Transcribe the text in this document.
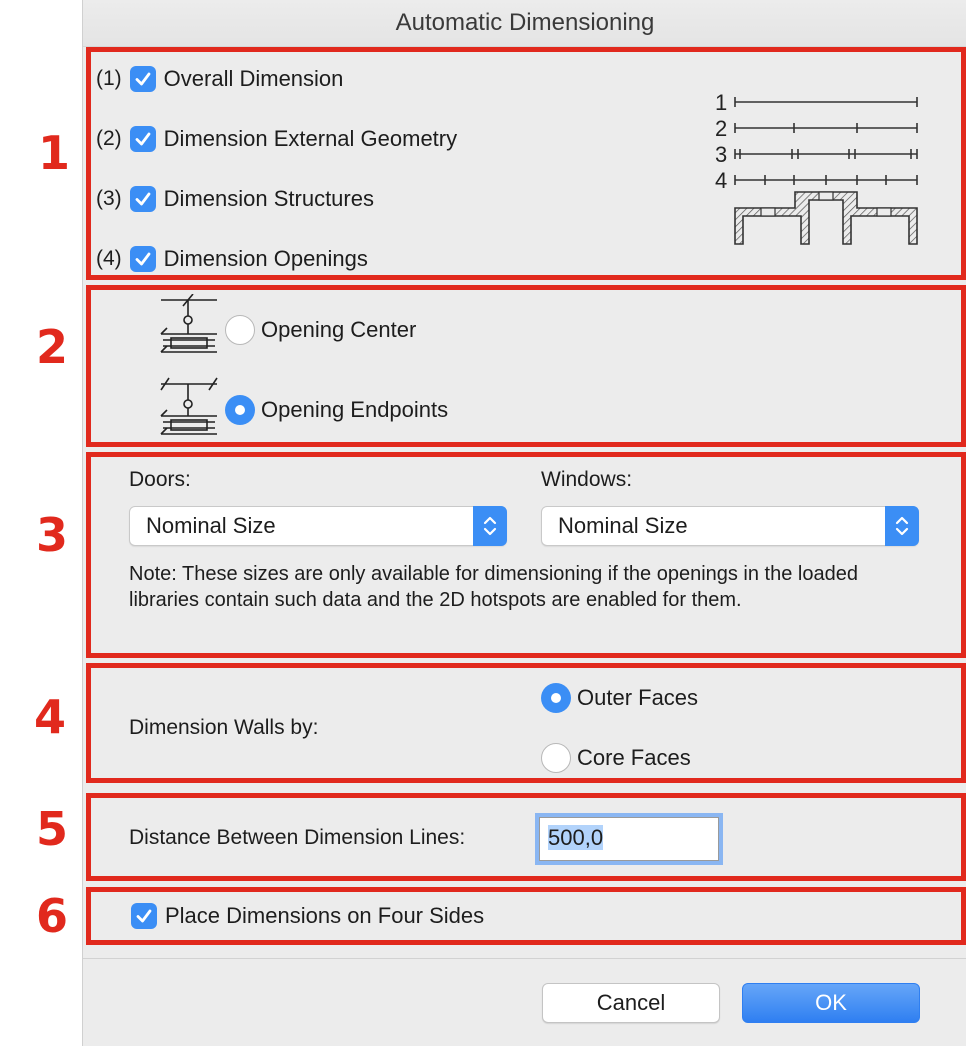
Automatic Dimensioning
(1) Overall Dimension
(2) Dimension External Geometry
(3) Dimension Structures
(4) Dimension Openings
1
2
3
4
Opening Center
Opening Endpoints
Doors:
Nominal Size
Windows:
Nominal Size
Note: These sizes are only available for dimensioning if the openings in the loaded libraries contain such data and the 2D hotspots are enabled for them.
Dimension Walls by:
Outer Faces
Core Faces
Distance Between Dimension Lines:	500,0
Place Dimensions on Four Sides
Cancel	OK
1
2
3
4
5
6
